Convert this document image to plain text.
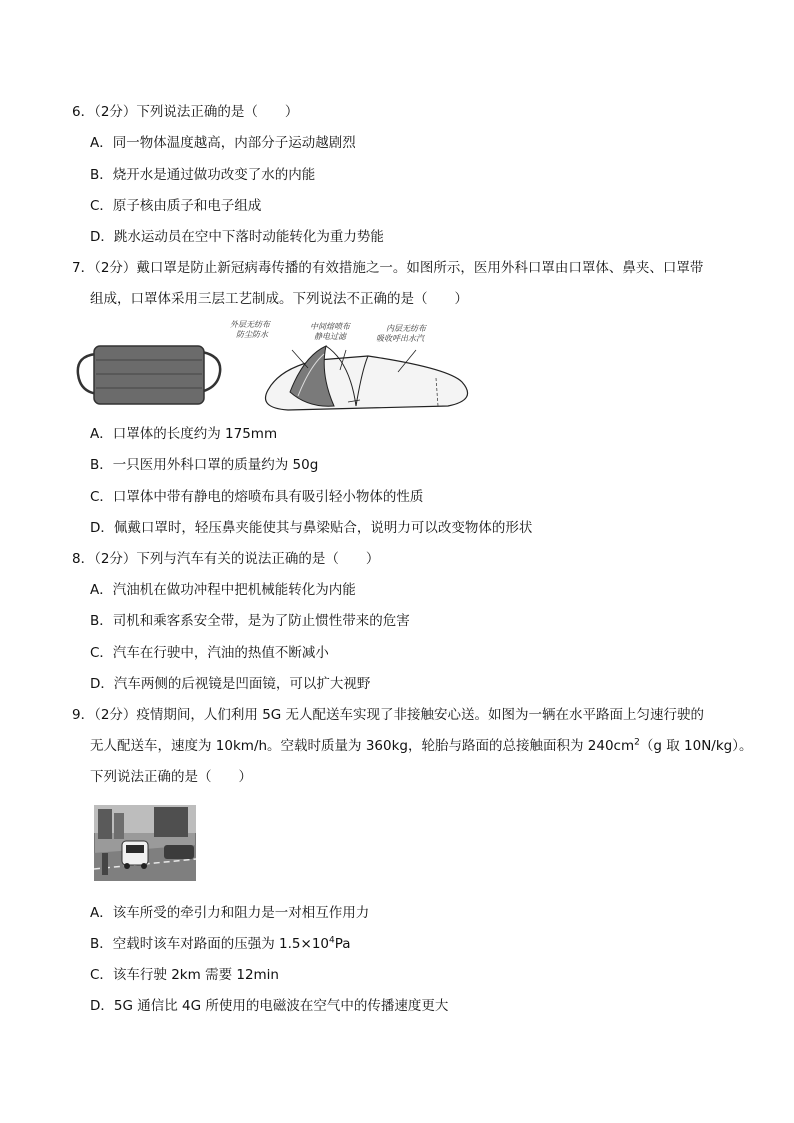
6．（2分）下列说法正确的是（　　）
A．同一物体温度越高，内部分子运动越剧烈
B．烧开水是通过做功改变了水的内能
C．原子核由质子和电子组成
D．跳水运动员在空中下落时动能转化为重力势能
7．（2分）戴口罩是防止新冠病毒传播的有效措施之一。如图所示，医用外科口罩由口罩体、鼻夹、口罩带
组成，口罩体采用三层工艺制成。下列说法不正确的是（　　）
外层无纺布
防尘防水
中间熔喷布
静电过滤
内层无纺布
吸收呼出水汽
A．口罩体的长度约为 175mm
B．一只医用外科口罩的质量约为 50g
C．口罩体中带有静电的熔喷布具有吸引轻小物体的性质
D．佩戴口罩时，轻压鼻夹能使其与鼻梁贴合，说明力可以改变物体的形状
8．（2分）下列与汽车有关的说法正确的是（　　）
A．汽油机在做功冲程中把机械能转化为内能
B．司机和乘客系安全带，是为了防止惯性带来的危害
C．汽车在行驶中，汽油的热值不断减小
D．汽车两侧的后视镜是凹面镜，可以扩大视野
9．（2分）疫情期间，人们利用 5G 无人配送车实现了非接触安心送。如图为一辆在水平路面上匀速行驶的
无人配送车，速度为 10km/h。空载时质量为 360kg，轮胎与路面的总接触面积为 $240cm^2(g$ 取 10N/kg）。
下列说法正确的是（　　）
A．该车所受的牵引力和阻力是一对相互作用力
B．空载时该车对路面的压强为 $1.5\times 10^4Pa$
C．该车行驶 2km 需要 12min
D．5G 通信比 4G 所使用的电磁波在空气中的传播速度更大
